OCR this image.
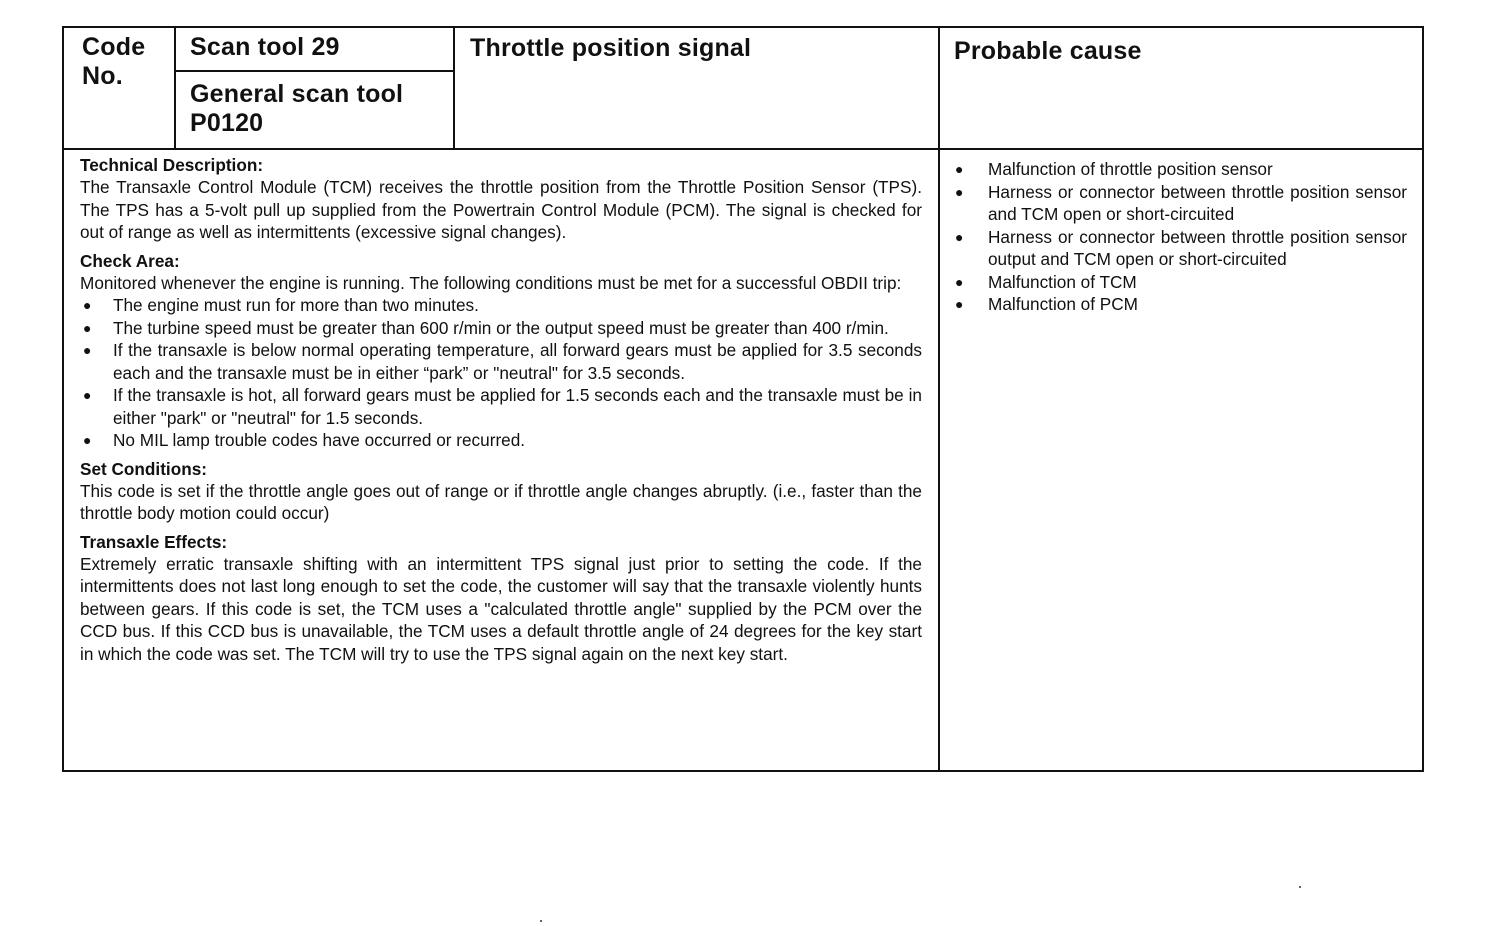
Code No.
Scan tool 29
General scan tool
P0120
Throttle position signal	Probable cause
Technical Description:

The Transaxle Control Module (TCM) receives the throttle position from the Throttle Position Sensor (TPS). The TPS has a 5-volt pull up supplied from the Powertrain Control Module (PCM). The signal is checked for out of range as well as intermittents (excessive signal changes).

Check Area:

Monitored whenever the engine is running. The following conditions must be met for a successful OBDII trip:

● The engine must run for more than two minutes.
● The turbine speed must be greater than 600 r/min or the output speed must be greater than 400 r/min.
● If the transaxle is below normal operating temperature, all forward gears must be applied for 3.5 seconds each and the transaxle must be in either “park” or "neutral" for 3.5 seconds.
● If the transaxle is hot, all forward gears must be applied for 1.5 seconds each and the transaxle must be in either "park" or "neutral" for 1.5 seconds.
● No MIL lamp trouble codes have occurred or recurred.
Set Conditions:

This code is set if the throttle angle goes out of range or if throttle angle changes abruptly. (i.e., faster than the throttle body motion could occur)

Transaxle Effects:

Extremely erratic transaxle shifting with an intermittent TPS signal just prior to setting the code. If the intermittents does not last long enough to set the code, the customer will say that the transaxle violently hunts between gears. If this code is set, the TCM uses a "calculated throttle angle" supplied by the PCM over the CCD bus. If this CCD bus is unavailable, the TCM uses a default throttle angle of 24 degrees for the key start in which the code was set. The TCM will try to use the TPS signal again on the next key start.

● Malfunction of throttle position sensor
● Harness or connector between throttle position sensor and TCM open or short-circuited
● Harness or connector between throttle position sensor output and TCM open or short-circuited
● Malfunction of TCM
● Malfunction of PCM
